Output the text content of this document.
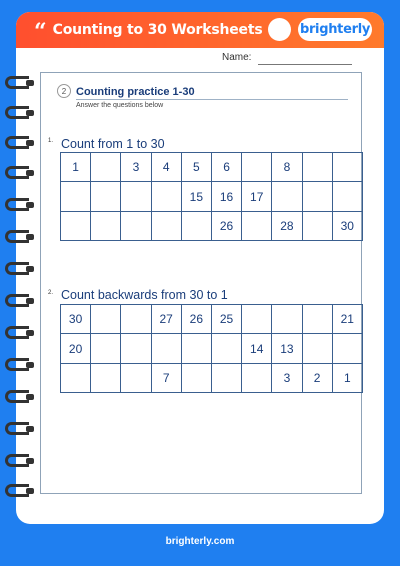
“ Counting to 30 Worksheets	brighterly
Name:
2 Counting practice 1-30
Answer the questions below
1. Count from 1 to 30
1		3	4	5	6		8		
				15	16	17			
					26		28		30
2. Count backwards from 30 to 1
30			27	26	25				21
20						14	13		
			7				3	2	1
brighterly.com
